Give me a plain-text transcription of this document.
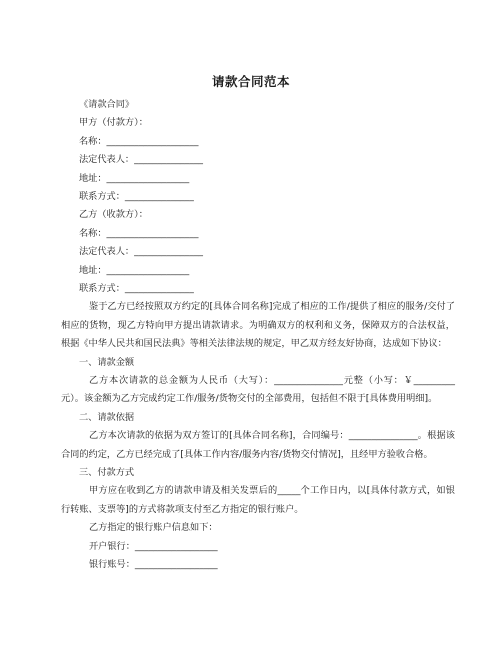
请款合同范本
《请款合同》
甲方（付款方）：
名称：____________________
法定代表人：_______________
地址：__________________
联系方式：_______________
乙方（收款方）：
名称：____________________
法定代表人：_______________
地址：__________________
联系方式：_______________

鉴于乙方已经按照双方约定的[具体合同名称]完成了相应的工作/提供了相应的服务/交付了相应的货物，现乙方特向甲方提出请款请求。为明确双方的权利和义务，保障双方的合法权益，根据《中华人民共和国民法典》等相关法律法规的规定，甲乙双方经友好协商，达成如下协议：

一、请款金额

乙方本次请款的总金额为人民币（大写）：_______________元整（小写：￥_________元）。该金额为乙方完成约定工作/服务/货物交付的全部费用，包括但不限于[具体费用明细]。

二、请款依据

乙方本次请款的依据为双方签订的[具体合同名称]，合同编号：_______________。根据该合同的约定，乙方已经完成了[具体工作内容/服务内容/货物交付情况]，且经甲方验收合格。

三、付款方式

甲方应在收到乙方的请款申请及相关发票后的_____个工作日内，以[具体付款方式，如银行转账、支票等]的方式将款项支付至乙方指定的银行账户。

乙方指定的银行账户信息如下：
开户银行：__________________
银行账号：__________________
